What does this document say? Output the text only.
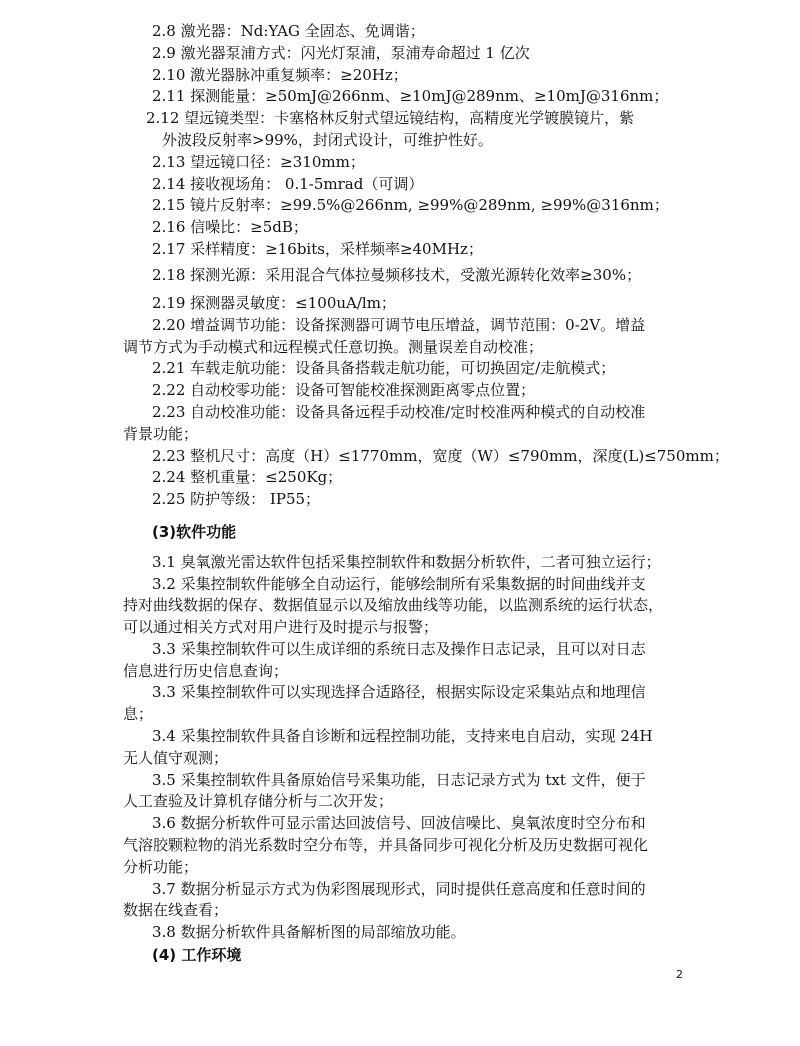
2.8 激光器：Nd:YAG 全固态、免调谐；
2.9 激光器泵浦方式：闪光灯泵浦，泵浦寿命超过 1 亿次
2.10 激光器脉冲重复频率：≥20Hz；
2.11 探测能量：≥50mJ@266nm、≥10mJ@289nm、≥10mJ@316nm；
2.12 望远镜类型：卡塞格林反射式望远镜结构，高精度光学镀膜镜片，紫
外波段反射率>99%，封闭式设计，可维护性好。
2.13 望远镜口径：≥310mm；
2.14 接收视场角： 0.1-5mrad（可调）
2.15 镜片反射率：≥99.5%@266nm, ≥99%@289nm, ≥99%@316nm；
2.16 信噪比：≥5dB；
2.17 采样精度：≥16bits，采样频率≥40MHz；
2.18 探测光源：采用混合气体拉曼频移技术，受激光源转化效率≥30%；
2.19 探测器灵敏度：≤100uA/lm；
2.20 增益调节功能：设备探测器可调节电压增益，调节范围：0-2V。增益
调节方式为手动模式和远程模式任意切换。测量误差自动校准；
2.21 车载走航功能：设备具备搭载走航功能，可切换固定/走航模式；
2.22 自动校零功能：设备可智能校准探测距离零点位置；
2.23 自动校准功能：设备具备远程手动校准/定时校准两种模式的自动校准
背景功能；
2.23 整机尺寸：高度（H）≤1770mm，宽度（W）≤790mm，深度(L)≤750mm；
2.24 整机重量：≤250Kg；
2.25 防护等级： IP55；
(3)软件功能
3.1 臭氧激光雷达软件包括采集控制软件和数据分析软件，二者可独立运行；
3.2 采集控制软件能够全自动运行，能够绘制所有采集数据的时间曲线并支
持对曲线数据的保存、数据值显示以及缩放曲线等功能，以监测系统的运行状态，
可以通过相关方式对用户进行及时提示与报警；
3.3 采集控制软件可以生成详细的系统日志及操作日志记录，且可以对日志
信息进行历史信息查询；
3.3 采集控制软件可以实现选择合适路径，根据实际设定采集站点和地理信
息；
3.4 采集控制软件具备自诊断和远程控制功能，支持来电自启动，实现 24H
无人值守观测；
3.5 采集控制软件具备原始信号采集功能，日志记录方式为 txt 文件，便于
人工查验及计算机存储分析与二次开发；
3.6 数据分析软件可显示雷达回波信号、回波信噪比、臭氧浓度时空分布和
气溶胶颗粒物的消光系数时空分布等，并具备同步可视化分析及历史数据可视化
分析功能；
3.7 数据分析显示方式为伪彩图展现形式，同时提供任意高度和任意时间的
数据在线查看；
3.8 数据分析软件具备解析图的局部缩放功能。
(4) 工作环境
2
